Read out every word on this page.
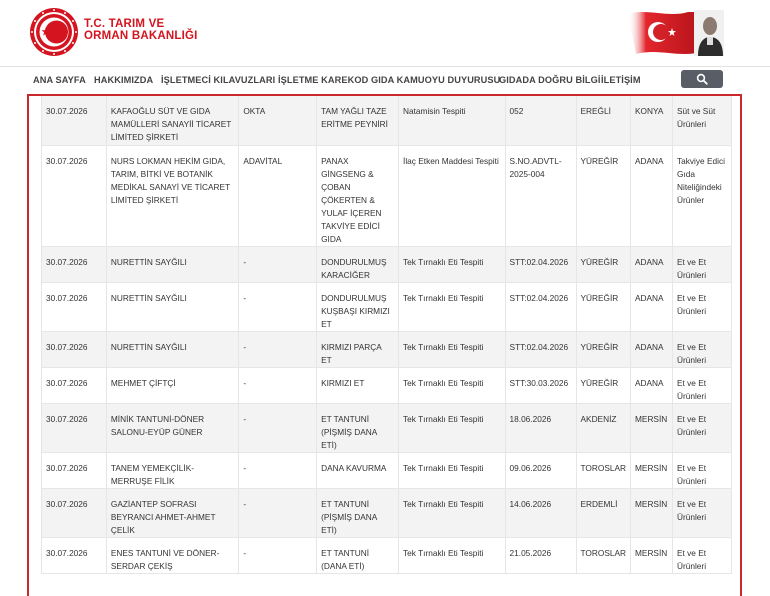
T.C. TARIM VE
ORMAN BAKANLIĞI
ANA SAYFA HAKKIMIZDA İŞLETMECİ KILAVUZLARI İŞLETME KAREKOD GIDA KAMUOYU DUYURUSU
GIDADA DOĞRU BİLGİ İLETİŞİM
30.07.2026	KAFAOĞLU SÜT VE GIDA MAMÜLLERİ SANAYİİ TİCARET LİMİTED ŞİRKETİ	OKTA	TAM YAĞLI TAZE ERİTME PEYNİRİ	Natamisin Tespiti	052	EREĞLİ	KONYA	Süt ve Süt Ürünleri

30.07.2026	NURS LOKMAN HEKİM GIDA, TARIM, BİTKİ VE BOTANİK MEDİKAL SANAYİ VE TİCARET LİMİTED ŞİRKETİ	ADAVİTAL	PANAX GİNGSENG & ÇOBAN ÇÖKERTEN & YULAF İÇEREN TAKVİYE EDİCİ GIDA	İlaç Etken Maddesi Tespiti	S.NO.ADVTL-2025-004	YÜREĞİR	ADANA	Takviye Edici Gıda Niteliğindeki Ürünler

30.07.2026	NURETTİN SAYĞILI	-	DONDURULMUŞ KARACİĞER	Tek Tırnaklı Eti Tespiti	STT:02.04.2026	YÜREĞİR	ADANA	Et ve Et Ürünleri

30.07.2026	NURETTİN SAYĞILI	-	DONDURULMUŞ KUŞBAŞI KIRMIZI ET	Tek Tırnaklı Eti Tespiti	STT:02.04.2026	YÜREĞİR	ADANA	Et ve Et Ürünleri

30.07.2026	NURETTİN SAYĞILI	-	KIRMIZI PARÇA ET	Tek Tırnaklı Eti Tespiti	STT:02.04.2026	YÜREĞİR	ADANA	Et ve Et Ürünleri

30.07.2026	MEHMET ÇİFTÇİ	-	KIRMIZI ET	Tek Tırnaklı Eti Tespiti	STT:30.03.2026	YÜREĞİR	ADANA	Et ve Et Ürünleri

30.07.2026	MİNİK TANTUNİ-DÖNER SALONU-EYÜP GÜNER	-	ET TANTUNİ (PİŞMİŞ DANA ETİ)	Tek Tırnaklı Eti Tespiti	18.06.2026	AKDENİZ	MERSİN	Et ve Et Ürünleri

30.07.2026	TANEM YEMEKÇİLİK-MERRUŞE FİLİK	-	DANA KAVURMA	Tek Tırnaklı Eti Tespiti	09.06.2026	TOROSLAR	MERSİN	Et ve Et Ürünleri

30.07.2026	GAZİANTEP SOFRASI BEYRANCI AHMET-AHMET ÇELİK	-	ET TANTUNİ (PİŞMİŞ DANA ETİ)	Tek Tırnaklı Eti Tespiti	14.06.2026	ERDEMLİ	MERSİN	Et ve Et Ürünleri

30.07.2026	ENES TANTUNİ VE DÖNER-SERDAR ÇEKİŞ	-	ET TANTUNİ (DANA ETİ)	Tek Tırnaklı Eti Tespiti	21.05.2026	TOROSLAR	MERSİN	Et ve Et Ürünleri
